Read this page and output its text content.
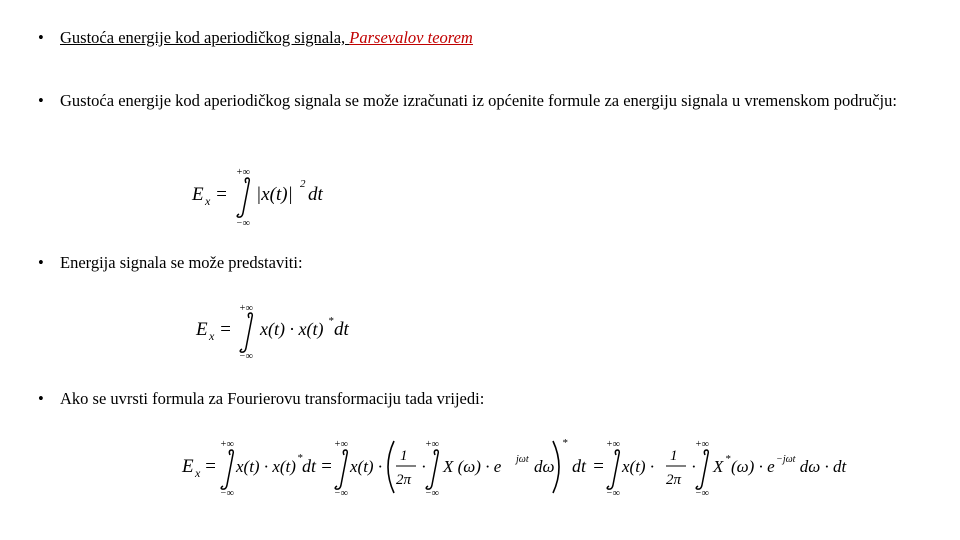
• Gustoća energije kod aperiodičkog signala, Parsevalov teorem
• Gustoća energije kod aperiodičkog signala se može izračunati iz općenite formule za energiju signala u vremenskom području:
E x =
+∞
−∞
|x(t)| 2 dt
• Energija signala se može predstaviti:
E x =
+∞
−∞
x(t) · x(t) * dt
• Ako se uvrsti formula za Fourierovu transformaciju tada vrijedi:
E x =
+∞
−∞
x(t) · x(t) * dt =
+∞
−∞
x(t) ·
1
2π
·
+∞
−∞
X (ω) · e jωt dω
*
dt =
+∞
−∞
x(t) ·
1
2π
·
+∞
−∞
X * (ω) · e −jωt dω · dt
